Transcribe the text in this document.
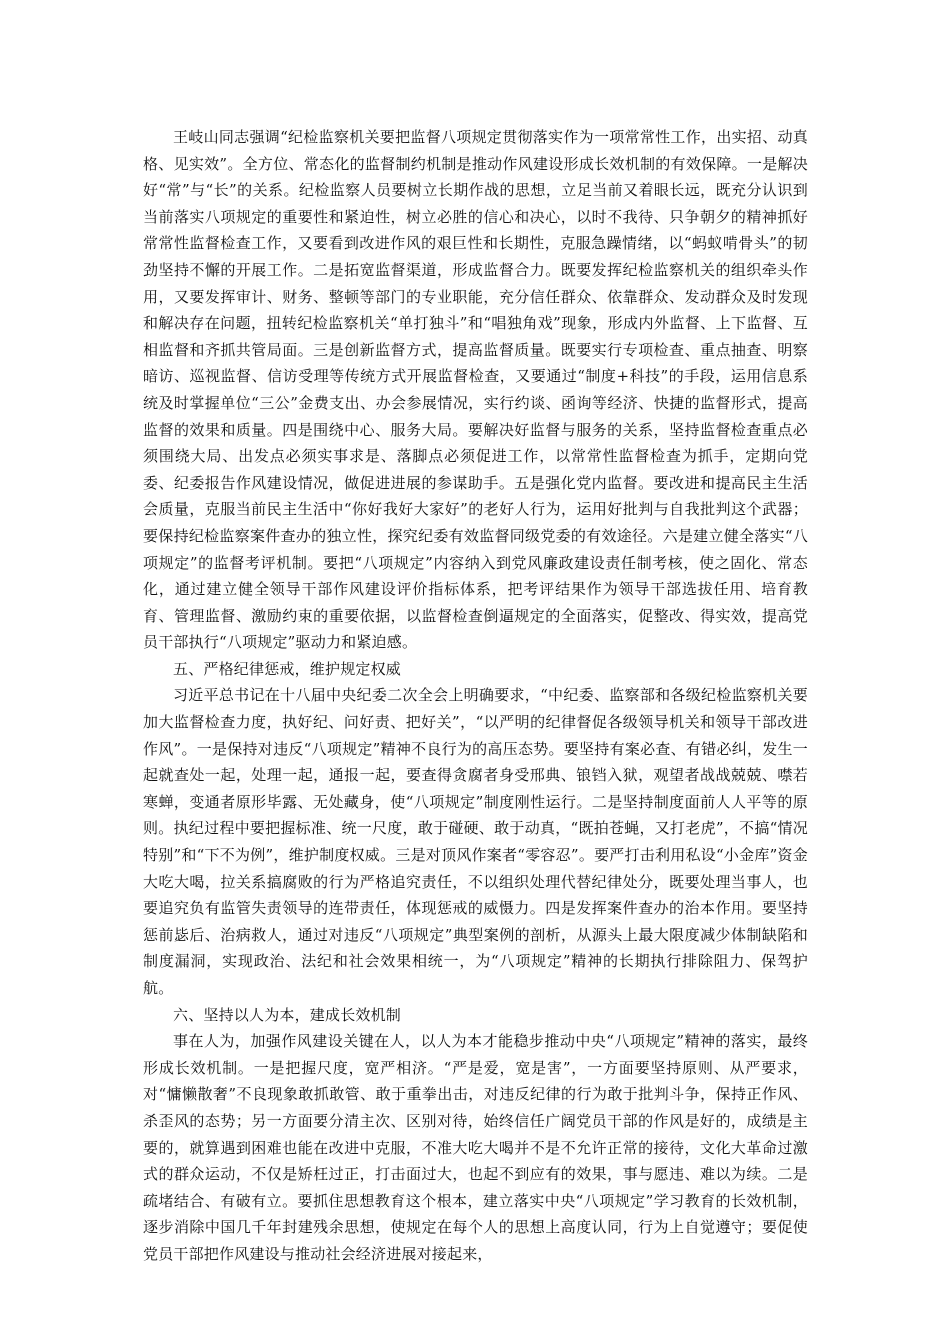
王岐山同志强调“纪检监察机关要把监督八项规定贯彻落实作为一项常常性工作，出实招、动真格、见实效”。全方位、常态化的监督制约机制是推动作风建设形成长效机制的有效保障。一是解决好“常”与“长”的关系。纪检监察人员要树立长期作战的思想，立足当前又着眼长远，既充分认识到当前落实八项规定的重要性和紧迫性，树立必胜的信心和决心，以时不我待、只争朝夕的精神抓好常常性监督检查工作，又要看到改进作风的艰巨性和长期性，克服急躁情绪，以“蚂蚁啃骨头”的韧劲坚持不懈的开展工作。二是拓宽监督渠道，形成监督合力。既要发挥纪检监察机关的组织牵头作用，又要发挥审计、财务、整顿等部门的专业职能，充分信任群众、依靠群众、发动群众及时发现和解决存在问题，扭转纪检监察机关“单打独斗”和“唱独角戏”现象，形成内外监督、上下监督、互相监督和齐抓共管局面。三是创新监督方式，提高监督质量。既要实行专项检查、重点抽查、明察暗访、巡视监督、信访受理等传统方式开展监督检查，又要通过“制度+科技”的手段，运用信息系统及时掌握单位“三公”金费支出、办会参展情况，实行约谈、函询等经济、快捷的监督形式，提高监督的效果和质量。四是围绕中心、服务大局。要解决好监督与服务的关系，坚持监督检查重点必须围绕大局、出发点必须实事求是、落脚点必须促进工作，以常常性监督检查为抓手，定期向党委、纪委报告作风建设情况，做促进进展的参谋助手。五是强化党内监督。要改进和提高民主生活会质量，克服当前民主生活中“你好我好大家好”的老好人行为，运用好批判与自我批判这个武器；要保持纪检监察案件查办的独立性，探究纪委有效监督同级党委的有效途径。六是建立健全落实“八项规定”的监督考评机制。要把“八项规定”内容纳入到党风廉政建设责任制考核，使之固化、常态化，通过建立健全领导干部作风建设评价指标体系，把考评结果作为领导干部选拔任用、培育教育、管理监督、激励约束的重要依据，以监督检查倒逼规定的全面落实，促整改、得实效，提高党员干部执行“八项规定”驱动力和紧迫感。

五、严格纪律惩戒，维护规定权威

习近平总书记在十八届中央纪委二次全会上明确要求，“中纪委、监察部和各级纪检监察机关要加大监督检查力度，执好纪、问好责、把好关”，“以严明的纪律督促各级领导机关和领导干部改进作风”。一是保持对违反“八项规定”精神不良行为的高压态势。要坚持有案必查、有错必纠，发生一起就查处一起，处理一起，通报一起，要查得贪腐者身受邢典、锒铛入狱，观望者战战兢兢、噤若寒蝉，变通者原形毕露、无处藏身，使“八项规定”制度刚性运行。二是坚持制度面前人人平等的原则。执纪过程中要把握标准、统一尺度，敢于碰硬、敢于动真，“既拍苍蝇，又打老虎”，不搞“情况特别”和“下不为例”，维护制度权威。三是对顶风作案者“零容忍”。要严打击利用私设“小金库”资金大吃大喝，拉关系搞腐败的行为严格追究责任，不以组织处理代替纪律处分，既要处理当事人，也要追究负有监管失责领导的连带责任，体现惩戒的威慑力。四是发挥案件查办的治本作用。要坚持惩前毖后、治病救人，通过对违反“八项规定”典型案例的剖析，从源头上最大限度减少体制缺陷和制度漏洞，实现政治、法纪和社会效果相统一，为“八项规定”精神的长期执行排除阻力、保驾护航。

六、坚持以人为本，建成长效机制

事在人为，加强作风建设关键在人，以人为本才能稳步推动中央“八项规定”精神的落实，最终形成长效机制。一是把握尺度，宽严相济。“严是爱，宽是害”，一方面要坚持原则、从严要求，对“慵懒散奢”不良现象敢抓敢管、敢于重拳出击，对违反纪律的行为敢于批判斗争，保持正作风、杀歪风的态势；另一方面要分清主次、区别对待，始终信任广阔党员干部的作风是好的，成绩是主要的，就算遇到困难也能在改进中克服，不准大吃大喝并不是不允许正常的接待，文化大革命过激式的群众运动，不仅是矫枉过正，打击面过大，也起不到应有的效果，事与愿违、难以为续。二是疏堵结合、有破有立。要抓住思想教育这个根本，建立落实中央“八项规定”学习教育的长效机制，逐步消除中国几千年封建残余思想，使规定在每个人的思想上高度认同，行为上自觉遵守；要促使党员干部把作风建设与推动社会经济进展对接起来，
